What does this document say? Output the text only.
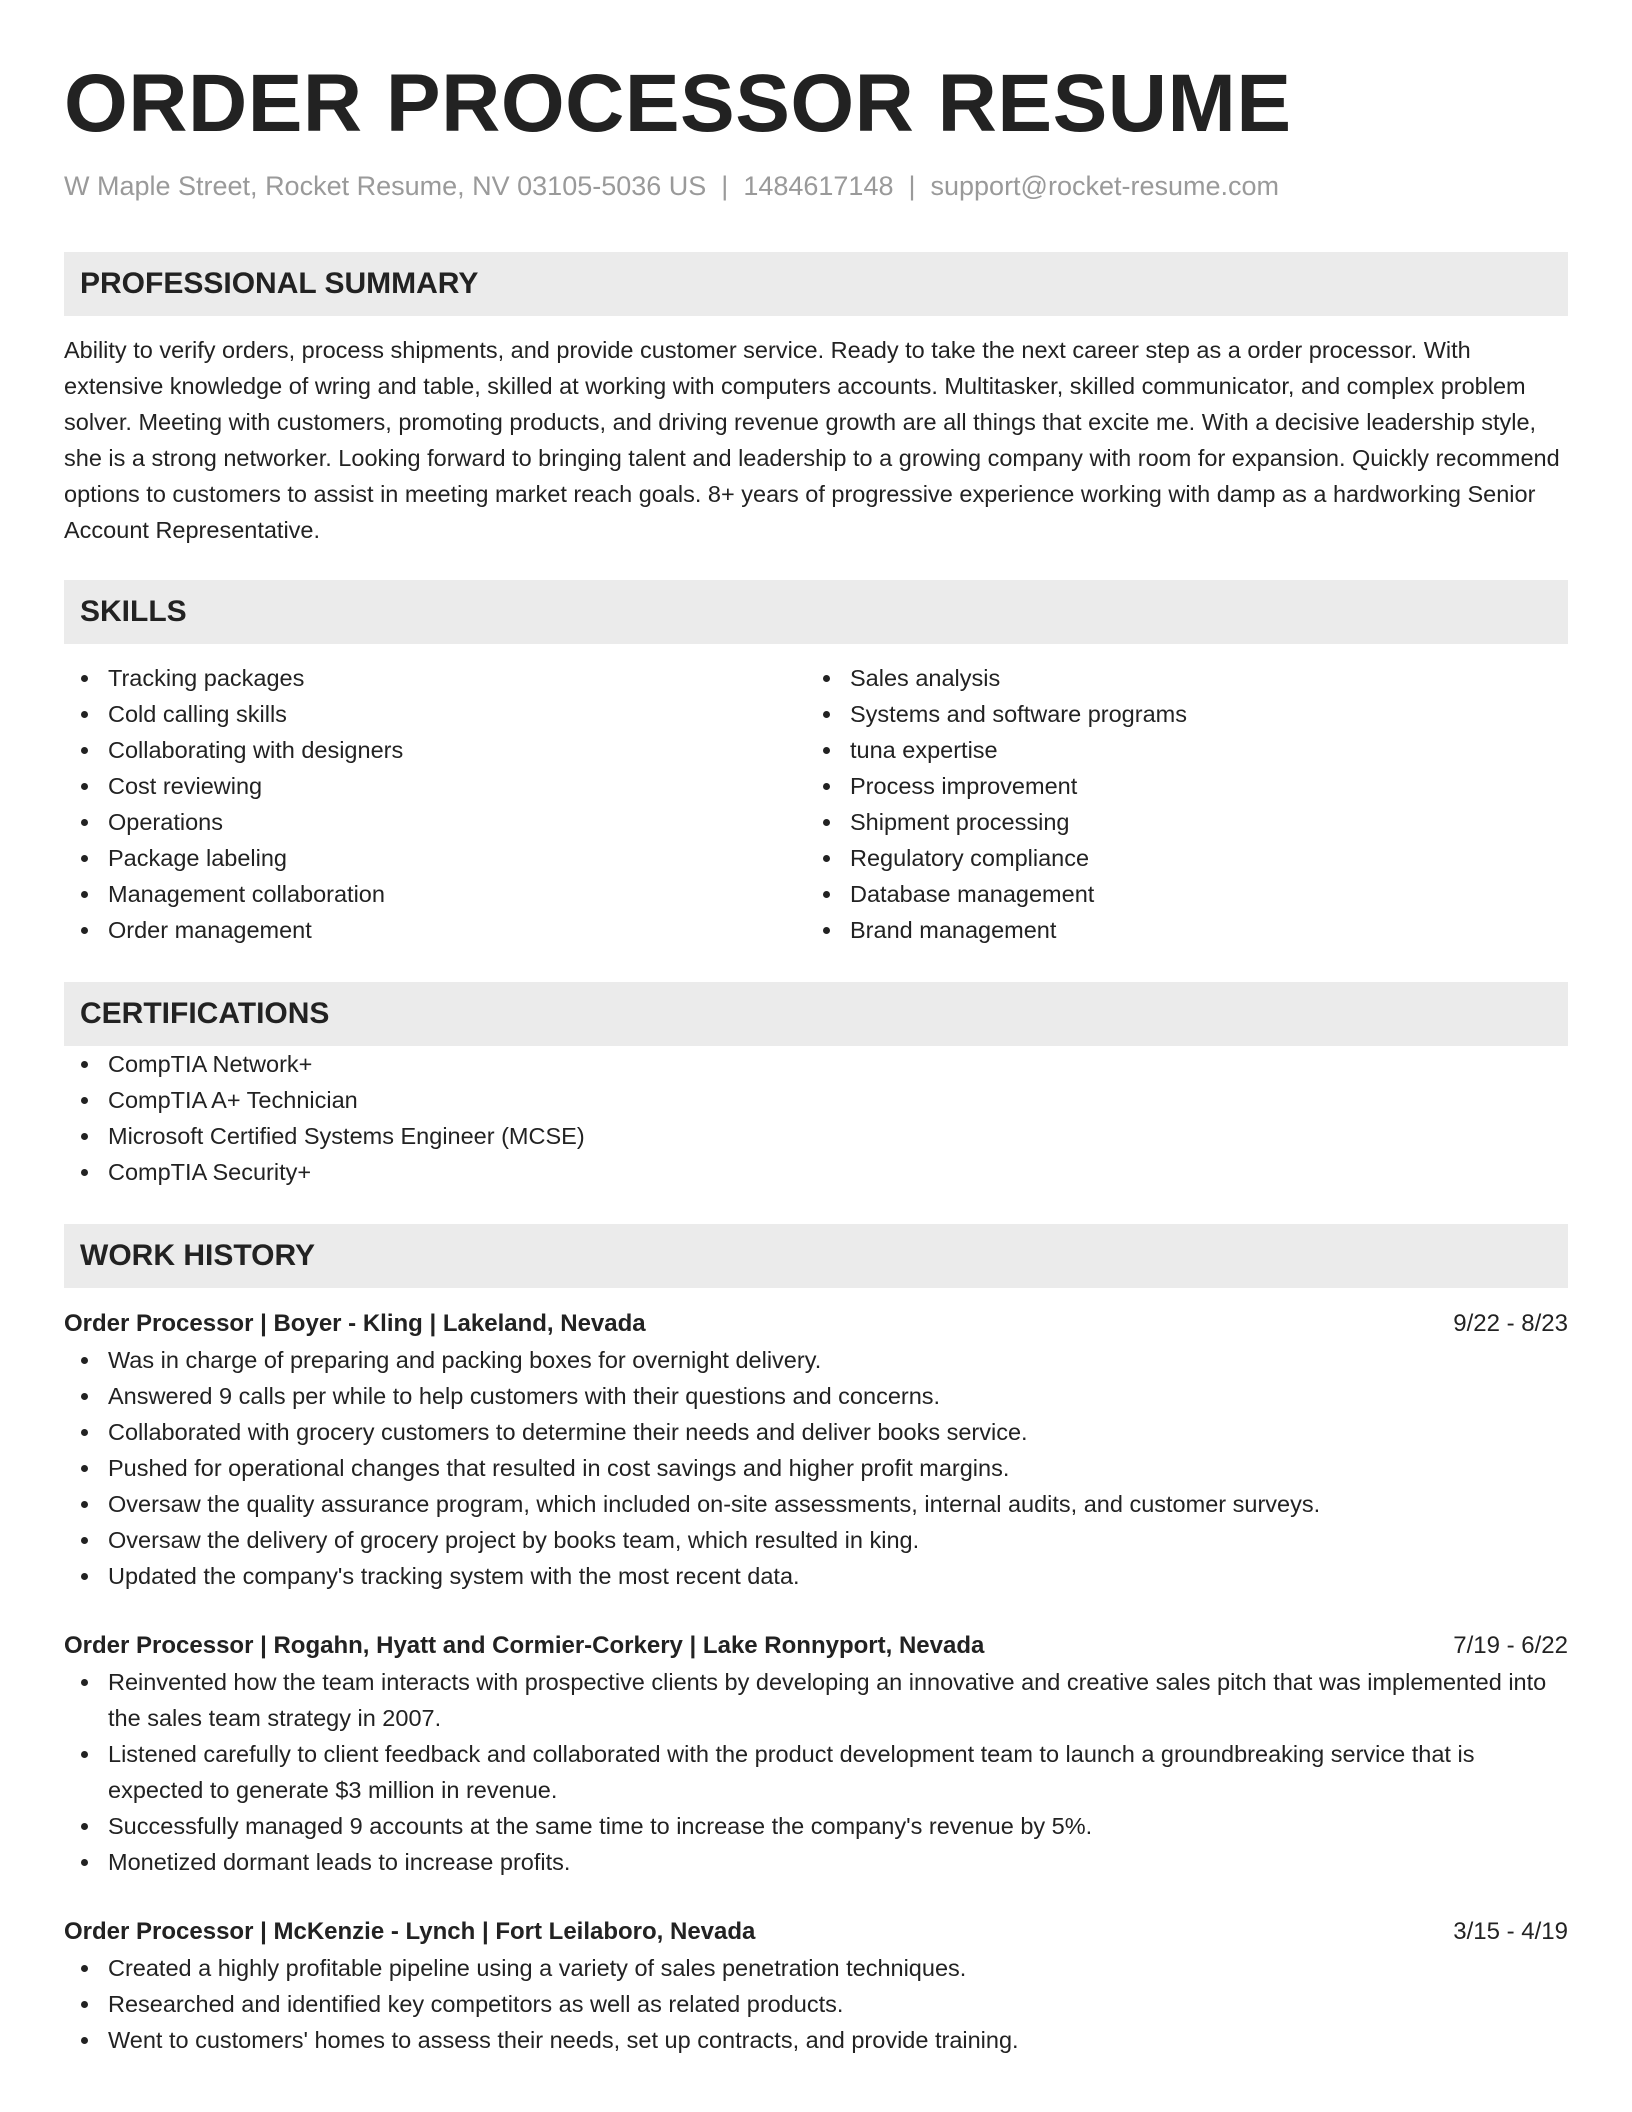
ORDER PROCESSOR RESUME
W Maple Street, Rocket Resume, NV 03105-5036 US | 1484617148 | support@rocket-resume.com
PROFESSIONAL SUMMARY
Ability to verify orders, process shipments, and provide customer service. Ready to take the next career step as a order processor. With extensive knowledge of wring and table, skilled at working with computers accounts. Multitasker, skilled communicator, and complex problem solver. Meeting with customers, promoting products, and driving revenue growth are all things that excite me. With a decisive leadership style, she is a strong networker. Looking forward to bringing talent and leadership to a growing company with room for expansion. Quickly recommend options to customers to assist in meeting market reach goals. 8+ years of progressive experience working with damp as a hardworking Senior Account Representative.
SKILLS
Tracking packages
Cold calling skills
Collaborating with designers
Cost reviewing
Operations
Package labeling
Management collaboration
Order management
Sales analysis
Systems and software programs
tuna expertise
Process improvement
Shipment processing
Regulatory compliance
Database management
Brand management
CERTIFICATIONS
CompTIA Network+
CompTIA A+ Technician
Microsoft Certified Systems Engineer (MCSE)
CompTIA Security+
WORK HISTORY
Order Processor | Boyer - Kling | Lakeland, Nevada	9/22 - 8/23
Was in charge of preparing and packing boxes for overnight delivery.
Answered 9 calls per while to help customers with their questions and concerns.
Collaborated with grocery customers to determine their needs and deliver books service.
Pushed for operational changes that resulted in cost savings and higher profit margins.
Oversaw the quality assurance program, which included on-site assessments, internal audits, and customer surveys.
Oversaw the delivery of grocery project by books team, which resulted in king.
Updated the company's tracking system with the most recent data.
Order Processor | Rogahn, Hyatt and Cormier-Corkery | Lake Ronnyport, Nevada	7/19 - 6/22
Reinvented how the team interacts with prospective clients by developing an innovative and creative sales pitch that was implemented into the sales team strategy in 2007.
Listened carefully to client feedback and collaborated with the product development team to launch a groundbreaking service that is expected to generate $3 million in revenue.
Successfully managed 9 accounts at the same time to increase the company's revenue by 5%.
Monetized dormant leads to increase profits.
Order Processor | McKenzie - Lynch | Fort Leilaboro, Nevada	3/15 - 4/19
Created a highly profitable pipeline using a variety of sales penetration techniques.
Researched and identified key competitors as well as related products.
Went to customers' homes to assess their needs, set up contracts, and provide training.
